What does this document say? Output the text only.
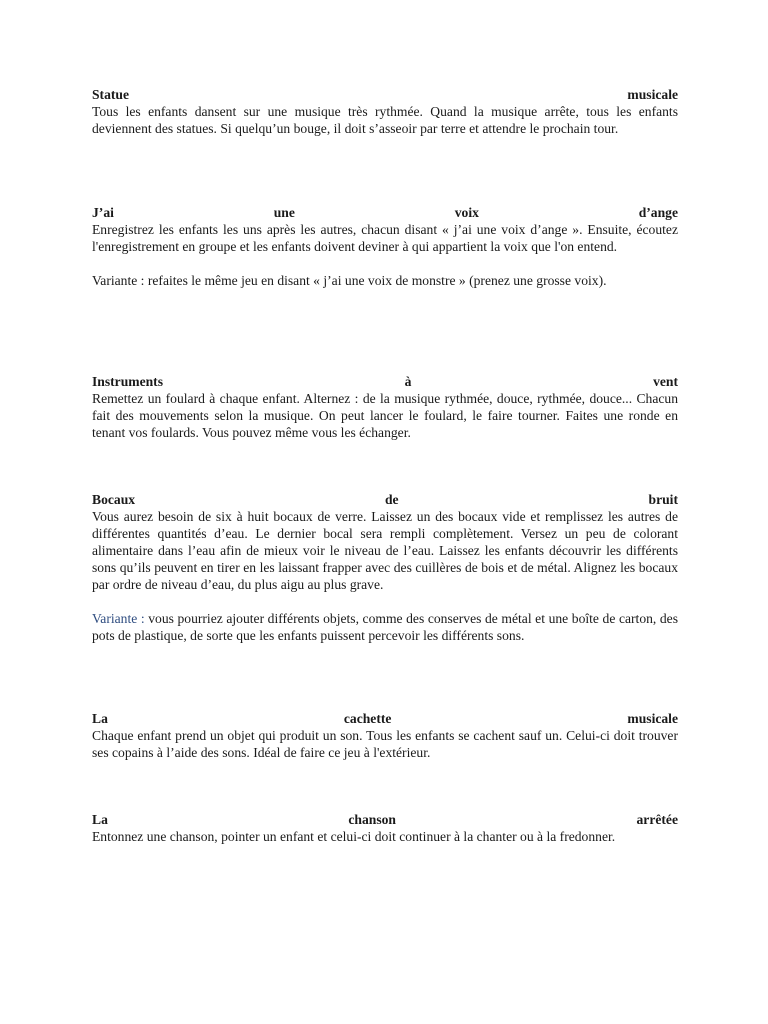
Statue	musicale

Tous les enfants dansent sur une musique très rythmée. Quand la musique arrête, tous les enfants deviennent des statues. Si quelqu’un bouge, il doit s’asseoir par terre et attendre le prochain tour.

J’ai	une	voix	d’ange

Enregistrez les enfants les uns après les autres, chacun disant « j’ai une voix d’ange ». Ensuite, écoutez l'enregistrement en groupe et les enfants doivent deviner à qui appartient la voix que l'on entend.

Variante : refaites le même jeu en disant « j’ai une voix de monstre » (prenez une grosse voix).

Instruments	à	vent

Remettez un foulard à chaque enfant. Alternez : de la musique rythmée, douce, rythmée, douce... Chacun fait des mouvements selon la musique. On peut lancer le foulard, le faire tourner. Faites une ronde en tenant vos foulards. Vous pouvez même vous les échanger.

Bocaux	de	bruit

Vous aurez besoin de six à huit bocaux de verre. Laissez un des bocaux vide et remplissez les autres de différentes quantités d’eau. Le dernier bocal sera rempli complètement. Versez un peu de colorant alimentaire dans l’eau afin de mieux voir le niveau de l’eau. Laissez les enfants découvrir les différents sons qu’ils peuvent en tirer en les laissant frapper avec des cuillères de bois et de métal. Alignez les bocaux par ordre de niveau d’eau, du plus aigu au plus grave.

Variante : vous pourriez ajouter différents objets, comme des conserves de métal et une boîte de carton, des pots de plastique, de sorte que les enfants puissent percevoir les différents sons.

La	cachette	musicale

Chaque enfant prend un objet qui produit un son. Tous les enfants se cachent sauf un. Celui-ci doit trouver ses copains à l’aide des sons. Idéal de faire ce jeu à l'extérieur.

La	chanson	arrêtée

Entonnez une chanson, pointer un enfant et celui-ci doit continuer à la chanter ou à la fredonner.
